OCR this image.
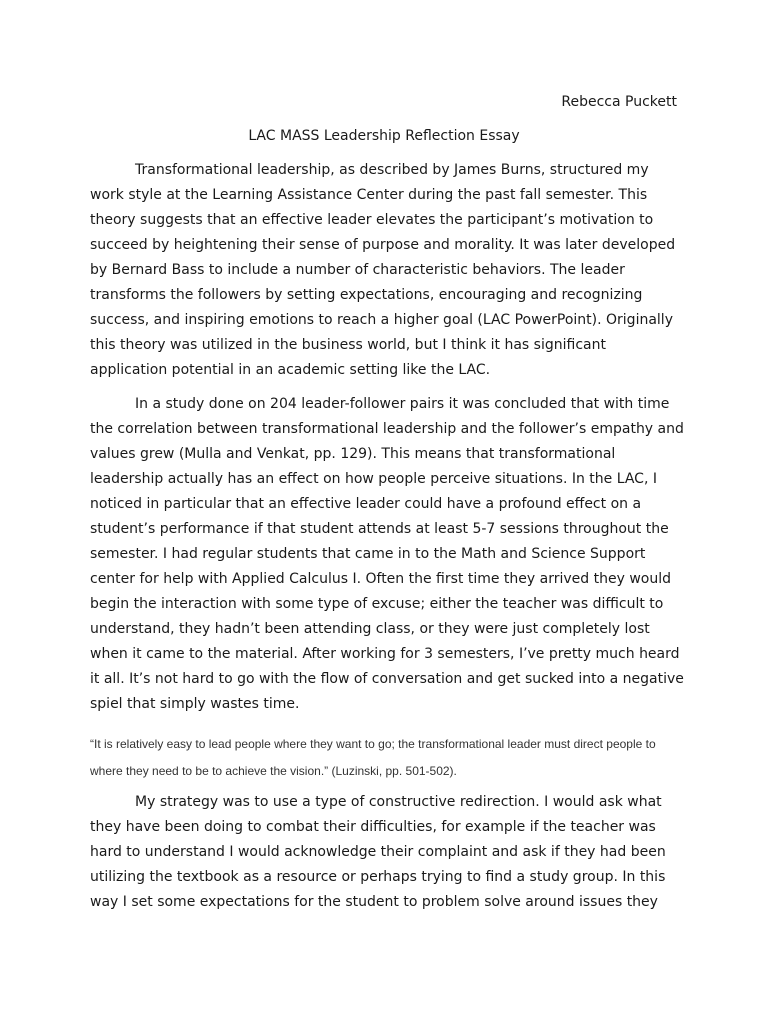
Rebecca Puckett
LAC MASS Leadership Reflection Essay
Transformational leadership, as described by James Burns, structured my
work style at the Learning Assistance Center during the past fall semester. This
theory suggests that an effective leader elevates the participant’s motivation to
succeed by heightening their sense of purpose and morality. It was later developed
by Bernard Bass to include a number of characteristic behaviors. The leader
transforms the followers by setting expectations, encouraging and recognizing
success, and inspiring emotions to reach a higher goal (LAC PowerPoint). Originally
this theory was utilized in the business world, but I think it has significant
application potential in an academic setting like the LAC.
In a study done on 204 leader-follower pairs it was concluded that with time
the correlation between transformational leadership and the follower’s empathy and
values grew (Mulla and Venkat, pp. 129). This means that transformational
leadership actually has an effect on how people perceive situations. In the LAC, I
noticed in particular that an effective leader could have a profound effect on a
student’s performance if that student attends at least 5-7 sessions throughout the
semester. I had regular students that came in to the Math and Science Support
center for help with Applied Calculus I. Often the first time they arrived they would
begin the interaction with some type of excuse; either the teacher was difficult to
understand, they hadn’t been attending class, or they were just completely lost
when it came to the material. After working for 3 semesters, I’ve pretty much heard
it all. It’s not hard to go with the flow of conversation and get sucked into a negative
spiel that simply wastes time.
“It is relatively easy to lead people where they want to go; the transformational leader must direct people to
where they need to be to achieve the vision.” (Luzinski, pp. 501-502).
My strategy was to use a type of constructive redirection. I would ask what
they have been doing to combat their difficulties, for example if the teacher was
hard to understand I would acknowledge their complaint and ask if they had been
utilizing the textbook as a resource or perhaps trying to find a study group. In this
way I set some expectations for the student to problem solve around issues they
